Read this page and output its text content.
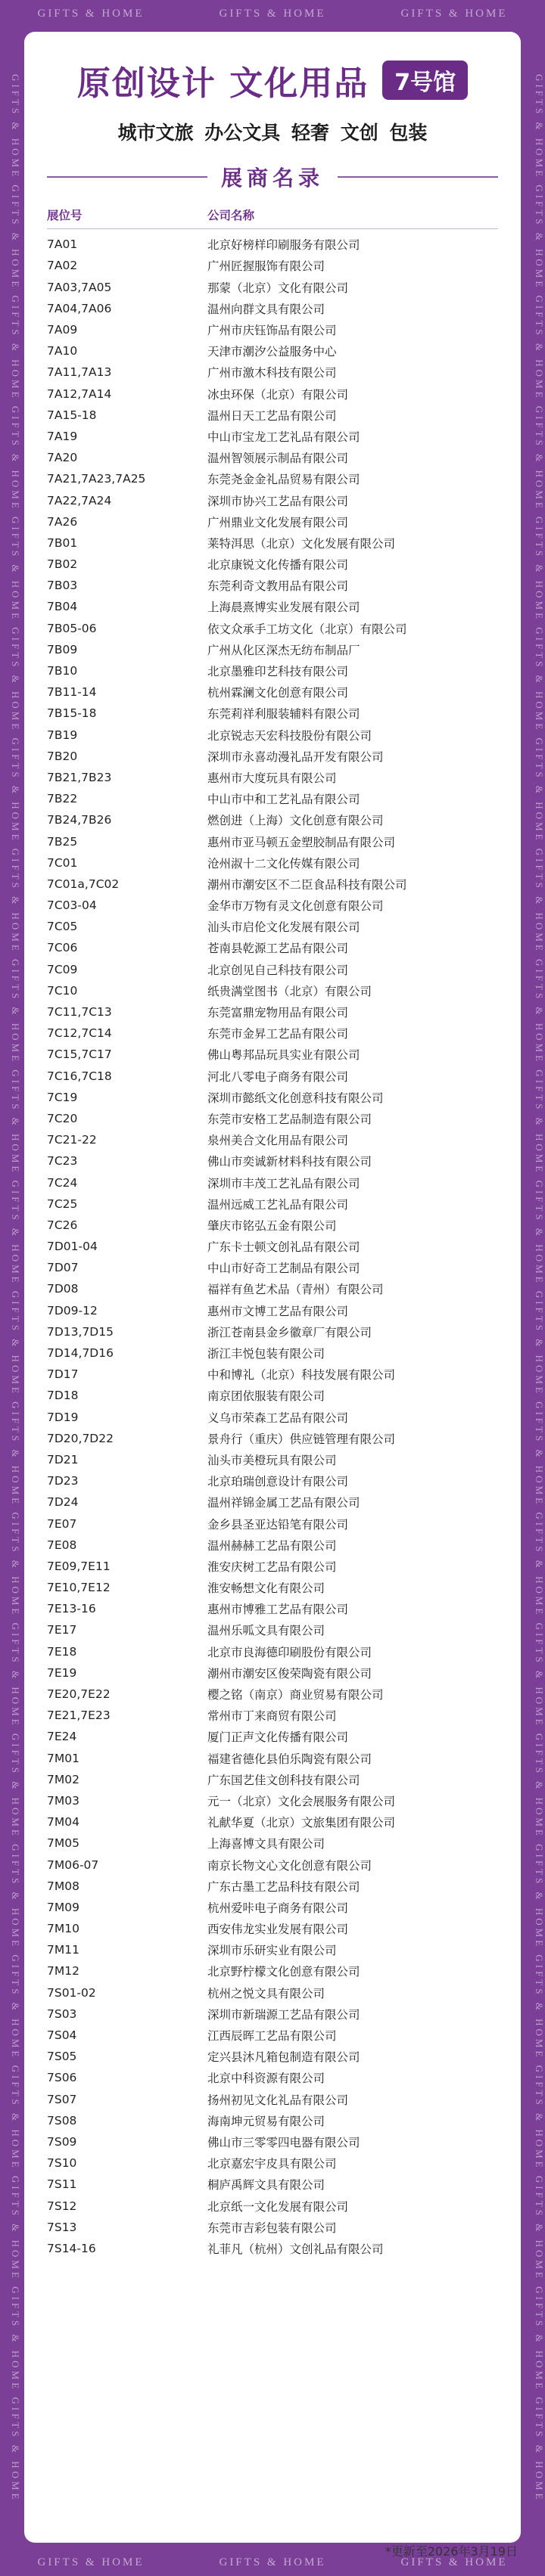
GIFTS & HOME	GIFTS & HOME	GIFTS & HOME
GIFTS & HOME GIFTS & HOME GIFTS & HOME GIFTS & HOME GIFTS & HOME GIFTS & HOME GIFTS & HOME GIFTS & HOME GIFTS & HOME GIFTS & HOME GIFTS & HOME GIFTS & HOME GIFTS & HOME GIFTS & HOME GIFTS & HOME GIFTS & HOME GIFTS & HOME GIFTS & HOME GIFTS & HOME GIFTS & HOME GIFTS & HOME GIFTS & HOME	GIFTS & HOME GIFTS & HOME GIFTS & HOME GIFTS & HOME GIFTS & HOME GIFTS & HOME GIFTS & HOME GIFTS & HOME GIFTS & HOME GIFTS & HOME GIFTS & HOME GIFTS & HOME GIFTS & HOME GIFTS & HOME GIFTS & HOME GIFTS & HOME GIFTS & HOME GIFTS & HOME GIFTS & HOME GIFTS & HOME GIFTS & HOME GIFTS & HOME
原创设计 文化用品	7号馆
城市文旅 办公文具 轻奢 文创 包装
展商名录
展位号	公司名称
7A01	北京好榜样印刷服务有限公司
7A02	广州匠握服饰有限公司
7A03,7A05	那蒙（北京）文化有限公司
7A04,7A06	温州向群文具有限公司
7A09	广州市庆钰饰品有限公司
7A10	天津市潮汐公益服务中心
7A11,7A13	广州市激木科技有限公司
7A12,7A14	冰虫环保（北京）有限公司
7A15-18	温州日天工艺品有限公司
7A19	中山市宝龙工艺礼品有限公司
7A20	温州智领展示制品有限公司
7A21,7A23,7A25	东莞尧金金礼品贸易有限公司
7A22,7A24	深圳市协兴工艺品有限公司
7A26	广州鼎业文化发展有限公司
7B01	莱特洱思（北京）文化发展有限公司
7B02	北京康锐文化传播有限公司
7B03	东莞利奇文教用品有限公司
7B04	上海晨熹博实业发展有限公司
7B05-06	依文众承手工坊文化（北京）有限公司
7B09	广州从化区深杰无纺布制品厂
7B10	北京墨雅印艺科技有限公司
7B11-14	杭州霖澜文化创意有限公司
7B15-18	东莞莉祥利服装辅料有限公司
7B19	北京锐志天宏科技股份有限公司
7B20	深圳市永喜动漫礼品开发有限公司
7B21,7B23	惠州市大度玩具有限公司
7B22	中山市中和工艺礼品有限公司
7B24,7B26	燃创进（上海）文化创意有限公司
7B25	惠州市亚马顿五金塑胶制品有限公司
7C01	沧州淑十二文化传媒有限公司
7C01a,7C02	潮州市潮安区不二臣食品科技有限公司
7C03-04	金华市万物有灵文化创意有限公司
7C05	汕头市启伦文化发展有限公司
7C06	苍南县乾源工艺品有限公司
7C09	北京创见自己科技有限公司
7C10	纸贵满堂图书（北京）有限公司
7C11,7C13	东莞富鼎宠物用品有限公司
7C12,7C14	东莞市金昇工艺品有限公司
7C15,7C17	佛山粤邦品玩具实业有限公司
7C16,7C18	河北八零电子商务有限公司
7C19	深圳市懿纸文化创意科技有限公司
7C20	东莞市安格工艺品制造有限公司
7C21-22	泉州美合文化用品有限公司
7C23	佛山市奕诚新材料科技有限公司
7C24	深圳市丰茂工艺礼品有限公司
7C25	温州远威工艺礼品有限公司
7C26	肇庆市铭弘五金有限公司
7D01-04	广东卡士顿文创礼品有限公司
7D07	中山市好奇工艺制品有限公司
7D08	福祥有鱼艺术品（青州）有限公司
7D09-12	惠州市文博工艺品有限公司
7D13,7D15	浙江苍南县金乡徽章厂有限公司
7D14,7D16	浙江丰悦包装有限公司
7D17	中和博礼（北京）科技发展有限公司
7D18	南京团依服装有限公司
7D19	义乌市荣森工艺品有限公司
7D20,7D22	景舟行（重庆）供应链管理有限公司
7D21	汕头市美橙玩具有限公司
7D23	北京珀瑞创意设计有限公司
7D24	温州祥锦金属工艺品有限公司
7E07	金乡县圣亚达铅笔有限公司
7E08	温州赫赫工艺品有限公司
7E09,7E11	淮安庆树工艺品有限公司
7E10,7E12	淮安畅想文化有限公司
7E13-16	惠州市博雅工艺品有限公司
7E17	温州乐呱文具有限公司
7E18	北京市良海德印刷股份有限公司
7E19	潮州市潮安区俊荣陶瓷有限公司
7E20,7E22	樱之铭（南京）商业贸易有限公司
7E21,7E23	常州市丁来商贸有限公司
7E24	厦门正声文化传播有限公司
7M01	福建省德化县伯乐陶瓷有限公司
7M02	广东国艺佳文创科技有限公司
7M03	元一（北京）文化会展服务有限公司
7M04	礼献华夏（北京）文旅集团有限公司
7M05	上海喜博文具有限公司
7M06-07	南京长物文心文化创意有限公司
7M08	广东古墨工艺品科技有限公司
7M09	杭州爱咔电子商务有限公司
7M10	西安伟龙实业发展有限公司
7M11	深圳市乐研实业有限公司
7M12	北京野柠檬文化创意有限公司
7S01-02	杭州之悦文具有限公司
7S03	深圳市新瑞源工艺品有限公司
7S04	江西辰晖工艺品有限公司
7S05	定兴县沐凡箱包制造有限公司
7S06	北京中科资源有限公司
7S07	扬州初见文化礼品有限公司
7S08	海南坤元贸易有限公司
7S09	佛山市三零零四电器有限公司
7S10	北京嘉宏宇皮具有限公司
7S11	桐庐禹辉文具有限公司
7S12	北京纸一文化发展有限公司
7S13	东莞市吉彩包装有限公司
7S14-16	礼菲凡（杭州）文创礼品有限公司
*更新至2026年3月19日
GIFTS & HOME	GIFTS & HOME	GIFTS & HOME
